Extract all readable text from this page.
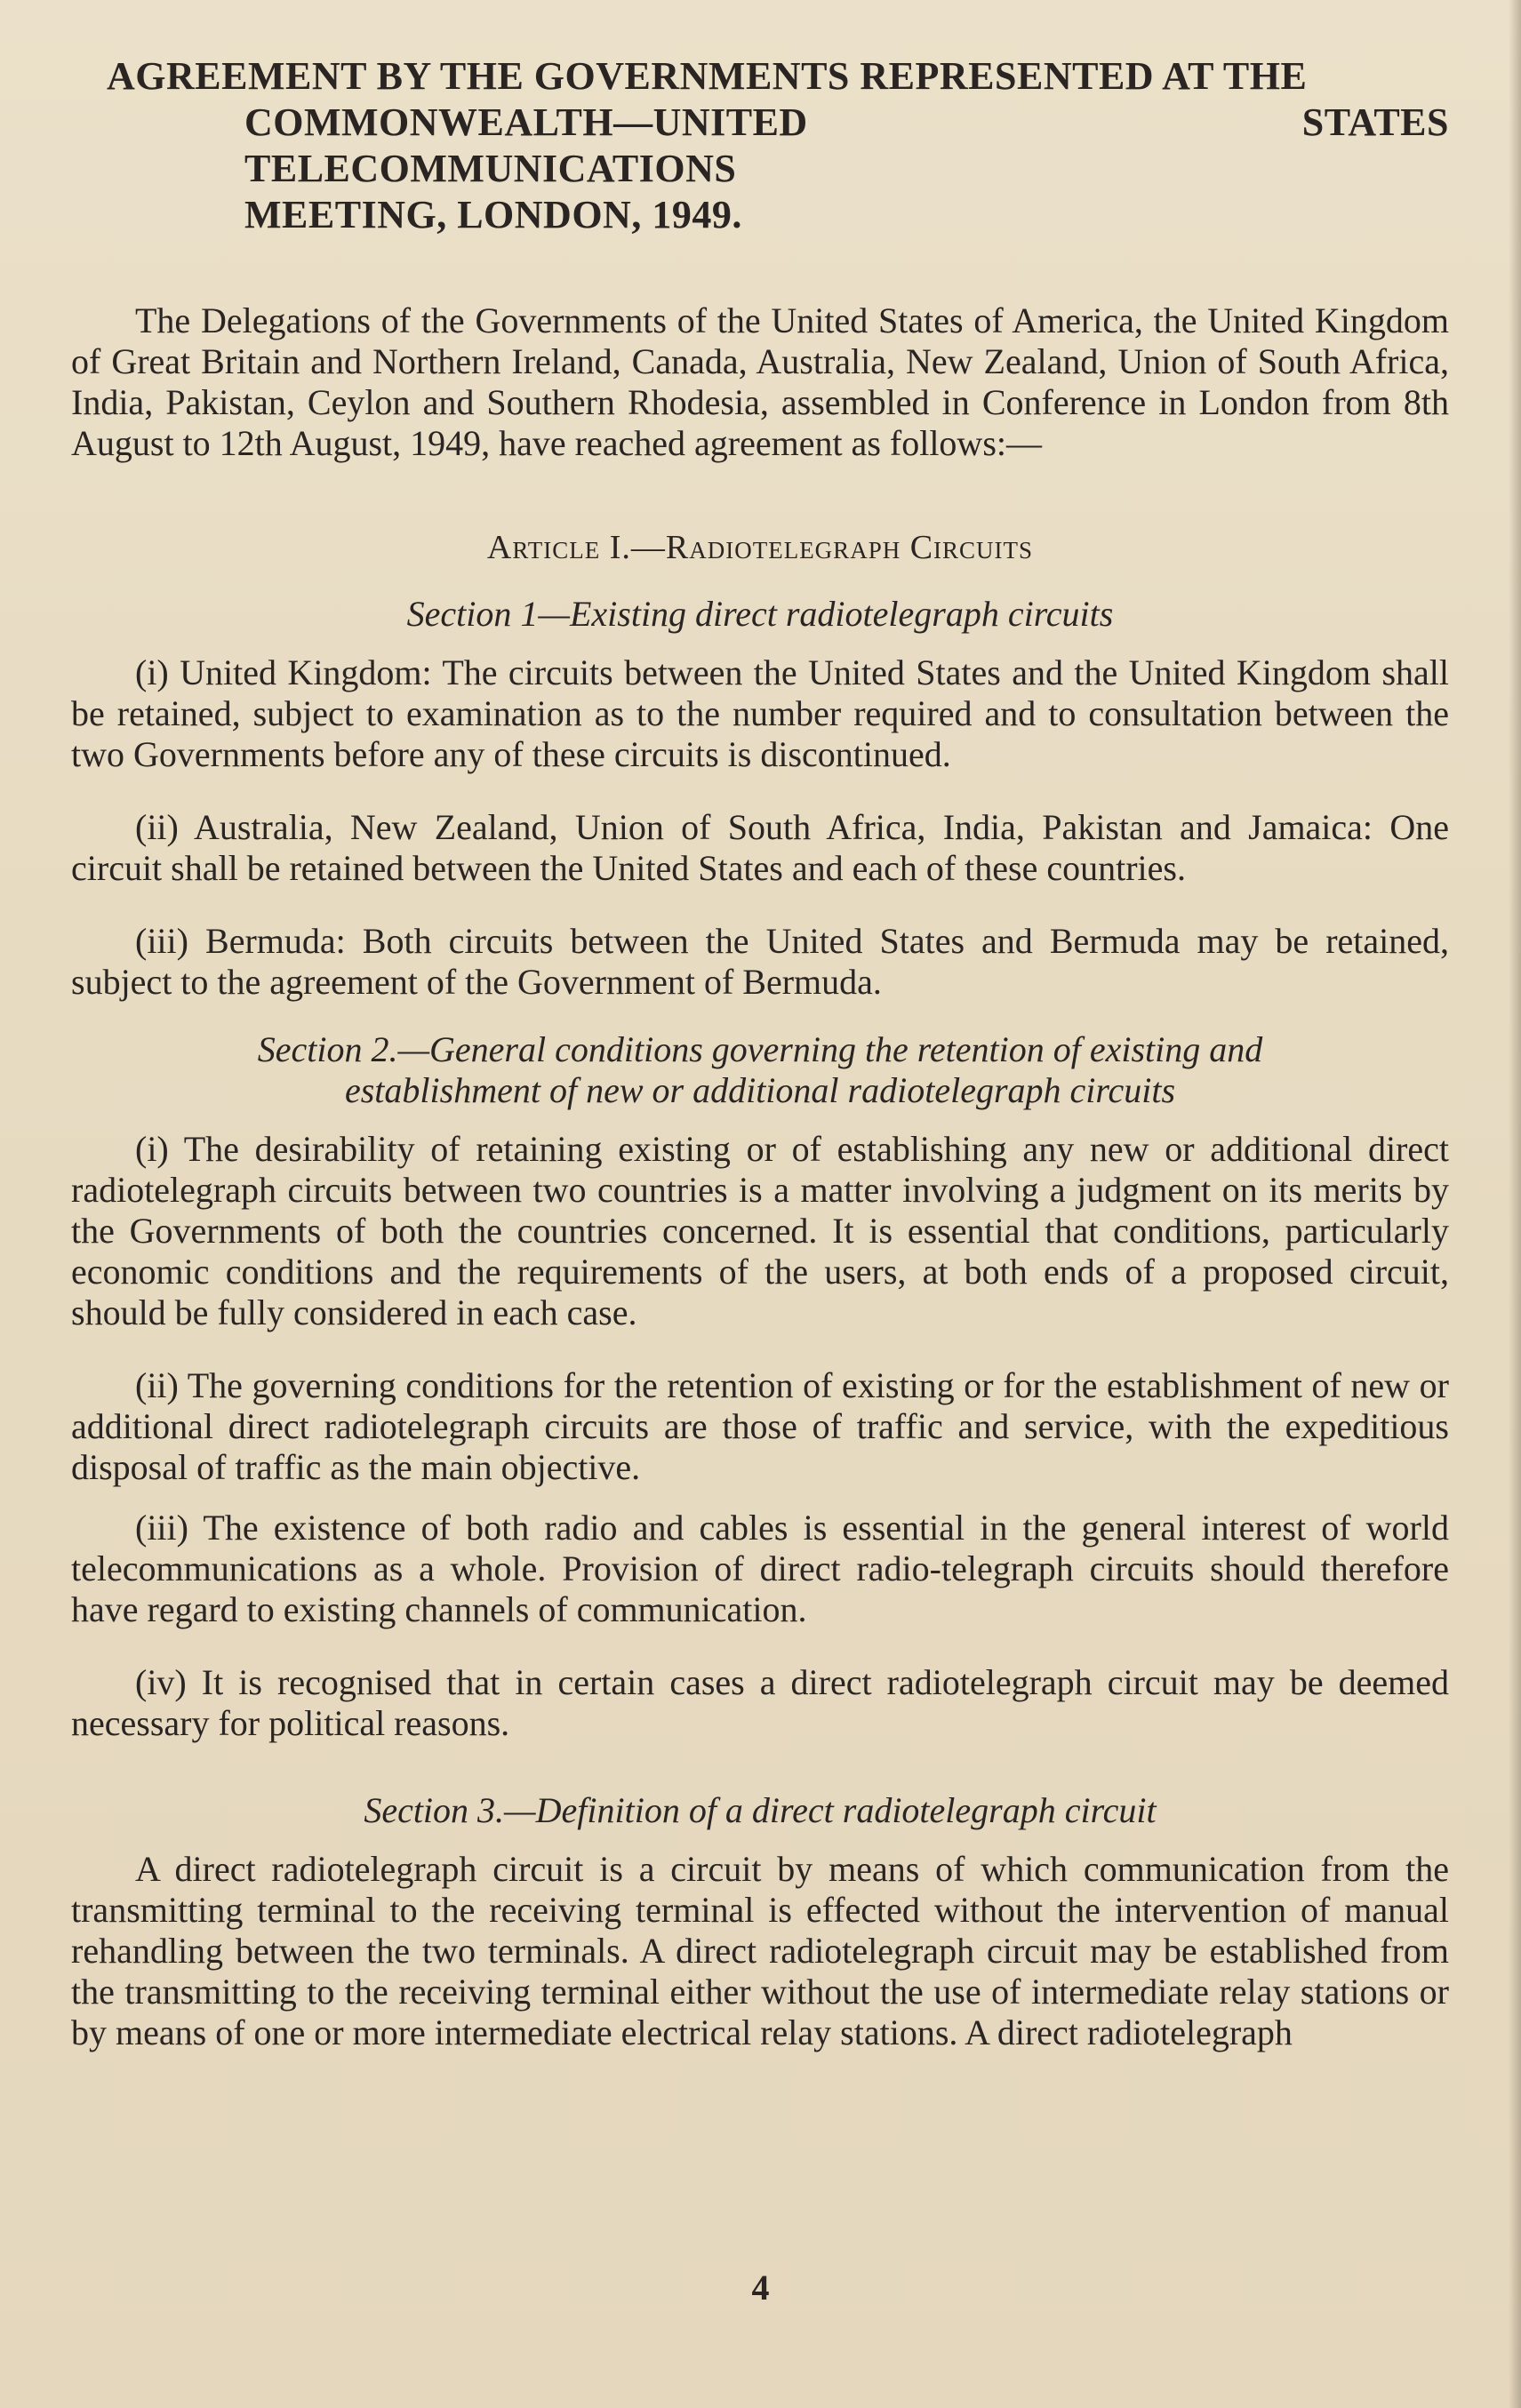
AGREEMENT BY THE GOVERNMENTS REPRESENTED AT THE
COMMONWEALTH—UNITED STATES TELECOMMUNICATIONS
MEETING, LONDON, 1949.

The Delegations of the Governments of the United States of America, the United Kingdom of Great Britain and Northern Ireland, Canada, Australia, New Zealand, Union of South Africa, India, Pakistan, Ceylon and Southern Rhodesia, assembled in Conference in London from 8th August to 12th August, 1949, have reached agreement as follows:—

Article I.—Radiotelegraph Circuits
Section 1—Existing direct radiotelegraph circuits

(i) United Kingdom: The circuits between the United States and the United Kingdom shall be retained, subject to examination as to the number required and to consultation between the two Governments before any of these circuits is discontinued.

(ii) Australia, New Zealand, Union of South Africa, India, Pakistan and Jamaica: One circuit shall be retained between the United States and each of these countries.

(iii) Bermuda: Both circuits between the United States and Bermuda may be retained, subject to the agreement of the Government of Bermuda.

Section 2.—General conditions governing the retention of existing and
establishment of new or additional radiotelegraph circuits

(i) The desirability of retaining existing or of establishing any new or additional direct radiotelegraph circuits between two countries is a matter involving a judgment on its merits by the Governments of both the countries concerned. It is essential that conditions, particularly economic conditions and the requirements of the users, at both ends of a proposed circuit, should be fully considered in each case.

(ii) The governing conditions for the retention of existing or for the establishment of new or additional direct radiotelegraph circuits are those of traffic and service, with the expeditious disposal of traffic as the main objective.

(iii) The existence of both radio and cables is essential in the general interest of world telecommunications as a whole. Provision of direct radio-telegraph circuits should therefore have regard to existing channels of communication.

(iv) It is recognised that in certain cases a direct radiotelegraph circuit may be deemed necessary for political reasons.

Section 3.—Definition of a direct radiotelegraph circuit

A direct radiotelegraph circuit is a circuit by means of which communication from the transmitting terminal to the receiving terminal is effected without the intervention of manual rehandling between the two terminals. A direct radiotelegraph circuit may be established from the transmitting to the receiving terminal either without the use of intermediate relay stations or by means of one or more intermediate electrical relay stations. A direct radiotelegraph

4
